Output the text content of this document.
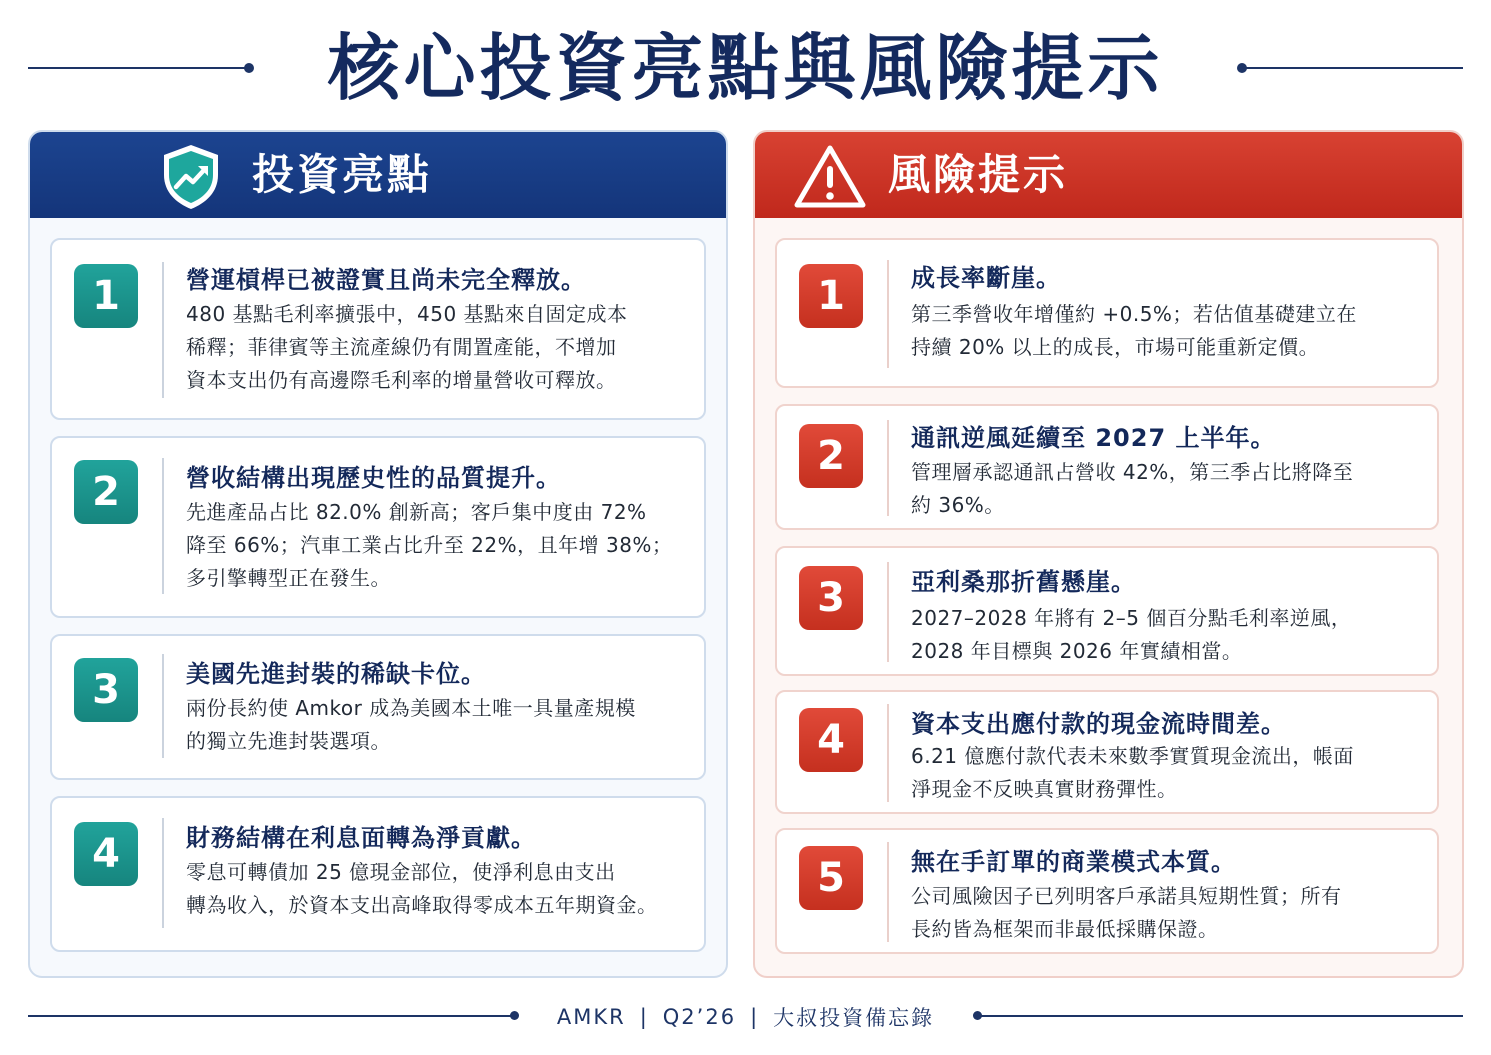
核心投資亮點與風險提示
投資亮點
1	營運槓桿已被證實且尚未完全釋放。

480 基點毛利率擴張中，450 基點來自固定成本
稀釋；菲律賓等主流產線仍有閒置產能，不增加
資本支出仍有高邊際毛利率的增量營收可釋放。

2	營收結構出現歷史性的品質提升。

先進產品占比 82.0% 創新高；客戶集中度由 72%
降至 66%；汽車工業占比升至 22%，且年增 38%；
多引擎轉型正在發生。

3	美國先進封裝的稀缺卡位。

兩份長約使 Amkor 成為美國本土唯一具量產規模
的獨立先進封裝選項。

4	財務結構在利息面轉為淨貢獻。

零息可轉債加 25 億現金部位，使淨利息由支出
轉為收入，於資本支出高峰取得零成本五年期資金。

風險提示
1	成長率斷崖。

第三季營收年增僅約 +0.5%；若估值基礎建立在
持續 20% 以上的成長，市場可能重新定價。

2	通訊逆風延續至 2027 上半年。

管理層承認通訊占營收 42%，第三季占比將降至
約 36%。

3	亞利桑那折舊懸崖。

2027–2028 年將有 2–5 個百分點毛利率逆風，
2028 年目標與 2026 年實績相當。

4	資本支出應付款的現金流時間差。

6.21 億應付款代表未來數季實質現金流出，帳面
淨現金不反映真實財務彈性。

5	無在手訂單的商業模式本質。

公司風險因子已列明客戶承諾具短期性質；所有
長約皆為框架而非最低採購保證。

AMKR | Q2’26 | 大叔投資備忘錄
